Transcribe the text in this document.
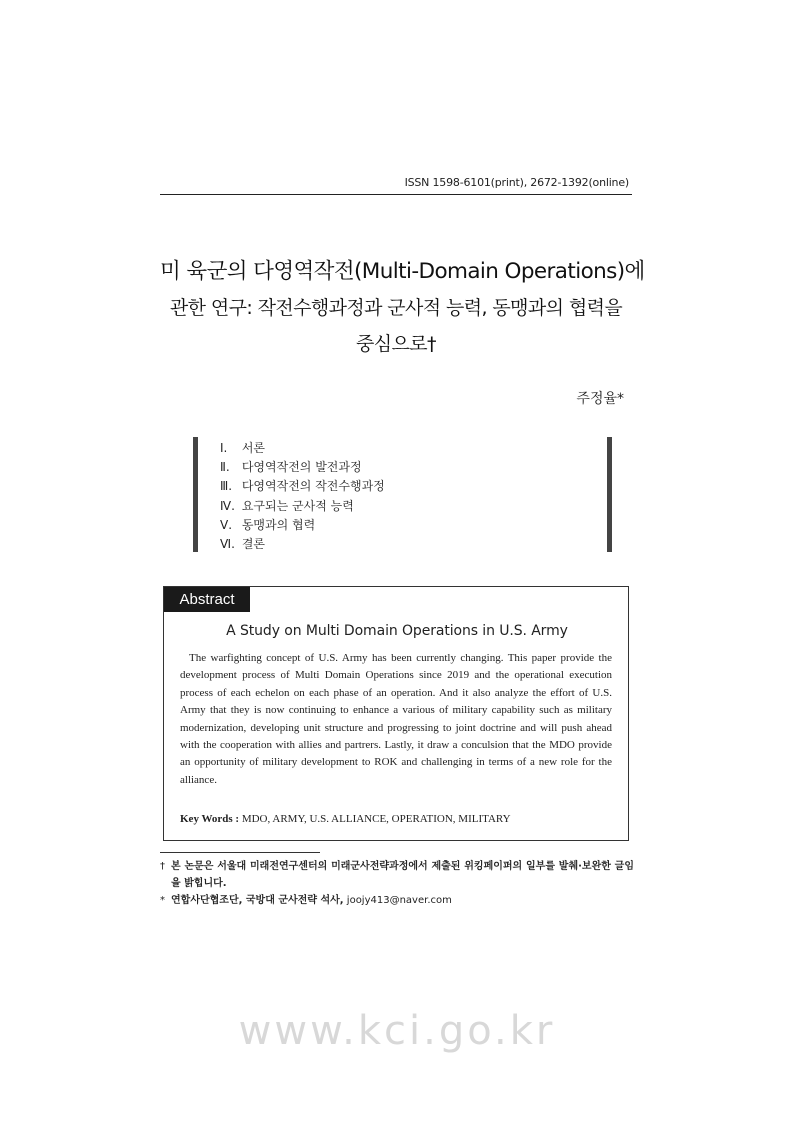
ISSN 1598-6101(print), 2672-1392(online)
미 육군의 다영역작전(Multi-Domain Operations)에
관한 연구: 작전수행과정과 군사적 능력, 동맹과의 협력을
중심으로†
주정율*
Ⅰ. 서론
Ⅱ. 다영역작전의 발전과정
Ⅲ. 다영역작전의 작전수행과정
Ⅳ. 요구되는 군사적 능력
Ⅴ. 동맹과의 협력
Ⅵ. 결론
Abstract
A Study on Multi Domain Operations in U.S. Army

The warfighting concept of U.S. Army has been currently changing. This paper provide the development process of Multi Domain Operations since 2019 and the operational execution process of each echelon on each phase of an operation. And it also analyze the effort of U.S. Army that they is now continuing to enhance a various of military capability such as military modernization, developing unit structure and progressing to joint doctrine and will push ahead with the cooperation with allies and partrers. Lastly, it draw a conculsion that the MDO provide an opportunity of military development to ROK and challenging in terms of a new role for the alliance.

Key Words : MDO, ARMY, U.S. ALLIANCE, OPERATION, MILITARY
† 본 논문은 서울대 미래전연구센터의 미래군사전략과정에서 제출된 위킹페이퍼의 일부를 발췌·보완한 글임을 밝힙니다.
* 연합사단협조단, 국방대 군사전략 석사, joojy413@naver.com
www.kci.go.kr
